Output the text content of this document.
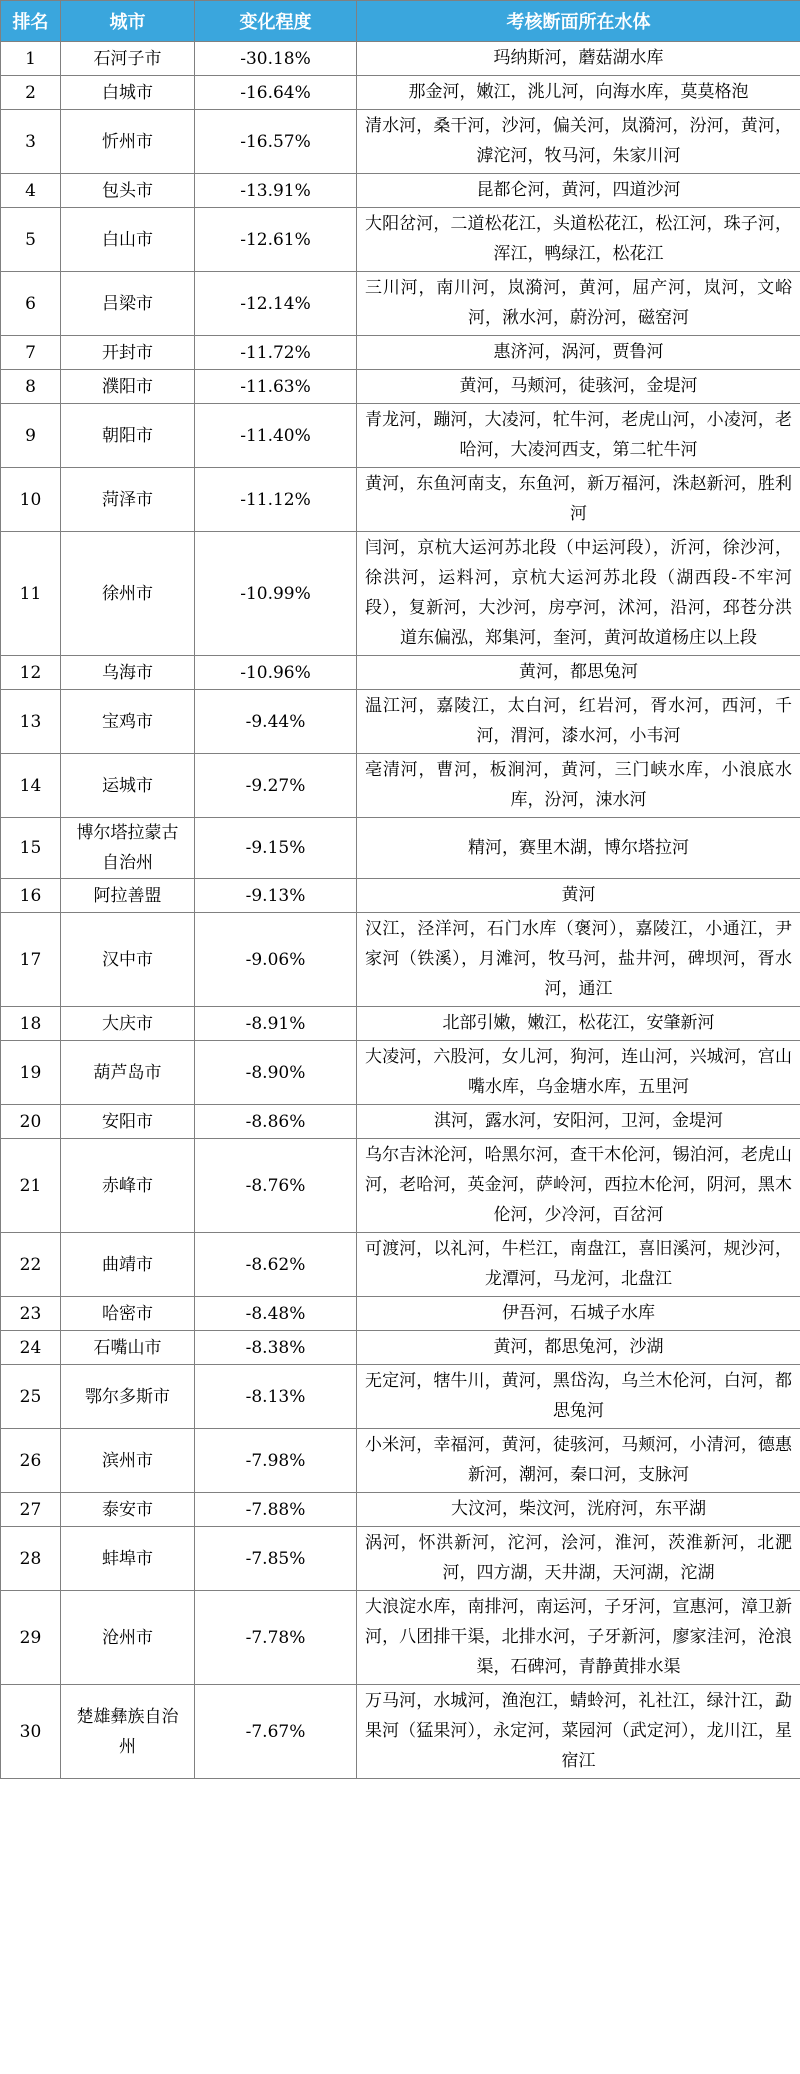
排名	城市	变化程度	考核断面所在水体
1	石河子市	-30.18%	玛纳斯河，蘑菇湖水库
2	白城市	-16.64%	那金河，嫩江，洮儿河，向海水库，莫莫格泡
3	忻州市	-16.57%	清水河，桑干河，沙河，偏关河，岚漪河，汾河，黄河，滹沱河，牧马河，朱家川河
4	包头市	-13.91%	昆都仑河，黄河，四道沙河
5	白山市	-12.61%	大阳岔河，二道松花江，头道松花江，松江河，珠子河，浑江，鸭绿江，松花江
6	吕梁市	-12.14%	三川河，南川河，岚漪河，黄河，屈产河，岚河，文峪河，湫水河，蔚汾河，磁窑河
7	开封市	-11.72%	惠济河，涡河，贾鲁河
8	濮阳市	-11.63%	黄河，马颊河，徒骇河，金堤河
9	朝阳市	-11.40%	青龙河，蹦河，大凌河，牤牛河，老虎山河，小凌河，老哈河，大凌河西支，第二牤牛河
10	菏泽市	-11.12%	黄河，东鱼河南支，东鱼河，新万福河，洙赵新河，胜利河
11	徐州市	-10.99%	闫河，京杭大运河苏北段（中运河段），沂河，徐沙河，徐洪河，运料河，京杭大运河苏北段（湖西段-不牢河段），复新河，大沙河，房亭河，沭河，沿河，邳苍分洪道东偏泓，郑集河，奎河，黄河故道杨庄以上段
12	乌海市	-10.96%	黄河，都思兔河
13	宝鸡市	-9.44%	温江河，嘉陵江，太白河，红岩河，胥水河，西河，千河，渭河，漆水河，小韦河
14	运城市	-9.27%	亳清河，曹河，板涧河，黄河，三门峡水库，小浪底水库，汾河，涑水河
15	博尔塔拉蒙古自治州	-9.15%	精河，赛里木湖，博尔塔拉河
16	阿拉善盟	-9.13%	黄河
17	汉中市	-9.06%	汉江，泾洋河，石门水库（褒河），嘉陵江，小通江，尹家河（铁溪），月滩河，牧马河，盐井河，碑坝河，胥水河，通江
18	大庆市	-8.91%	北部引嫩，嫩江，松花江，安肇新河
19	葫芦岛市	-8.90%	大凌河，六股河，女儿河，狗河，连山河，兴城河，宫山嘴水库，乌金塘水库，五里河
20	安阳市	-8.86%	淇河，露水河，安阳河，卫河，金堤河
21	赤峰市	-8.76%	乌尔吉沐沦河，哈黑尔河，查干木伦河，锡泊河，老虎山河，老哈河，英金河，萨岭河，西拉木伦河，阴河，黑木伦河，少冷河，百岔河
22	曲靖市	-8.62%	可渡河，以礼河，牛栏江，南盘江，喜旧溪河，规沙河，龙潭河，马龙河，北盘江
23	哈密市	-8.48%	伊吾河，石城子水库
24	石嘴山市	-8.38%	黄河，都思兔河，沙湖
25	鄂尔多斯市	-8.13%	无定河，犗牛川，黄河，黑岱沟，乌兰木伦河，白河，都思兔河
26	滨州市	-7.98%	小米河，幸福河，黄河，徒骇河，马颊河，小清河，德惠新河，潮河，秦口河，支脉河
27	泰安市	-7.88%	大汶河，柴汶河，洸府河，东平湖
28	蚌埠市	-7.85%	涡河，怀洪新河，沱河，浍河，淮河，茨淮新河，北淝河，四方湖，天井湖，天河湖，沱湖
29	沧州市	-7.78%	大浪淀水库，南排河，南运河，子牙河，宣惠河，漳卫新河，八团排干渠，北排水河，子牙新河，廖家洼河，沧浪渠，石碑河，青静黄排水渠
30	楚雄彝族自治州	-7.67%	万马河，水城河，渔泡江，蜻蛉河，礼社江，绿汁江，勐果河（猛果河），永定河，菜园河（武定河），龙川江，星宿江
